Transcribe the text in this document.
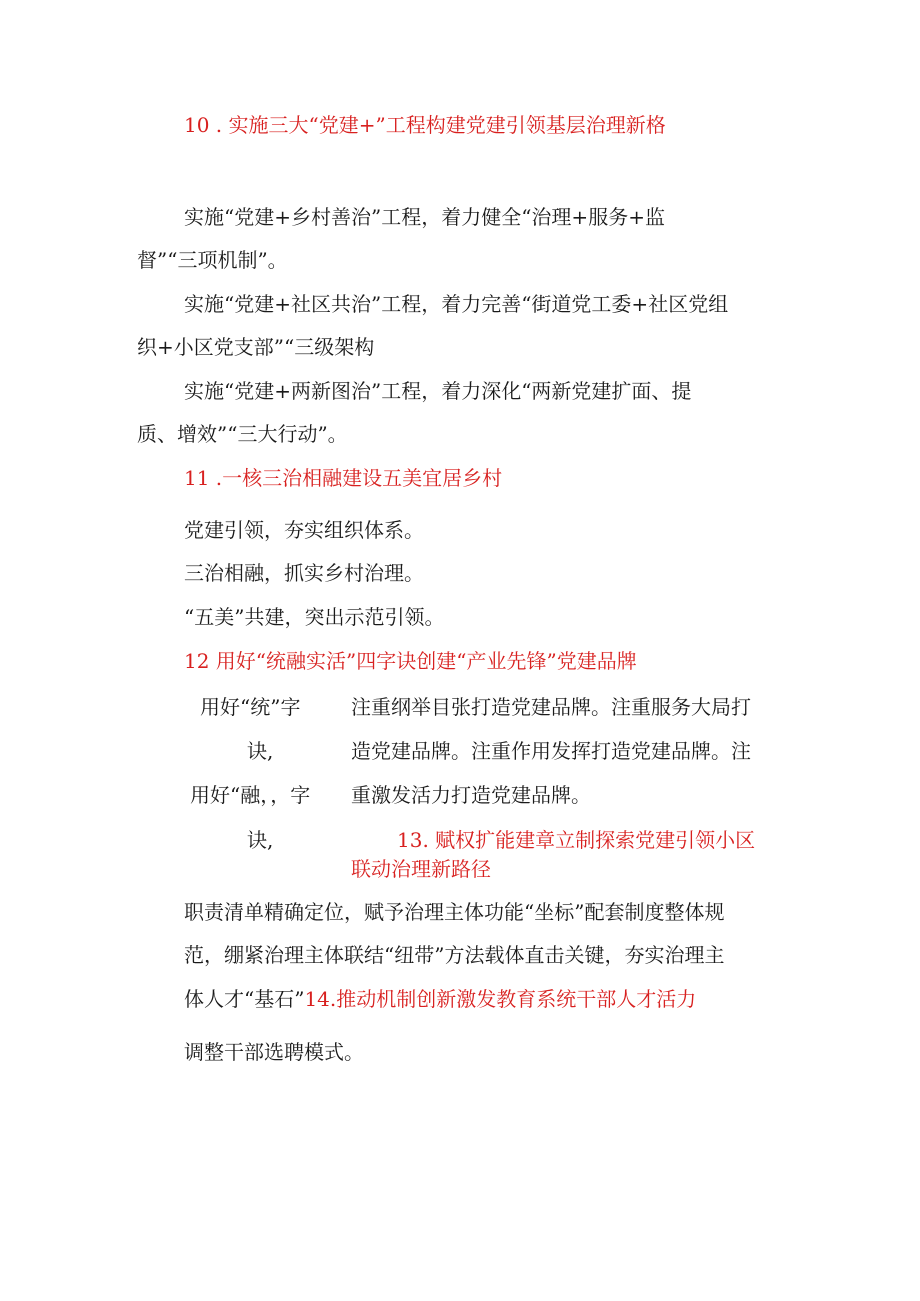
10 . 实施三大“党建+”工程构建党建引领基层治理新格
实施“党建+乡村善治”工程，着力健全“治理+服务+监
督”“三项机制”。
实施“党建+社区共治”工程，着力完善“街道党工委+社区党组
织+小区党支部”“三级架构
实施“党建+两新图治”工程，着力深化“两新党建扩面、提
质、增效”“三大行动”。
11 .一核三治相融建设五美宜居乡村
党建引领，夯实组织体系。
三治相融，抓实乡村治理。
“五美”共建，突出示范引领。
12 用好“统融实活”四字诀创建“产业先锋”党建品牌
用好“统”字
诀,
用好“融，，字
诀,
注重纲举目张打造党建品牌。注重服务大局打
造党建品牌。注重作用发挥打造党建品牌。注
重激发活力打造党建品牌。
13. 赋权扩能建章立制探索党建引领小区
联动治理新路径
职责清单精确定位，赋予治理主体功能“坐标”配套制度整体规
范，绷紧治理主体联结“纽带”方法载体直击关键，夯实治理主
体人才“基石”14.推动机制创新激发教育系统干部人才活力
调整干部选聘模式。
